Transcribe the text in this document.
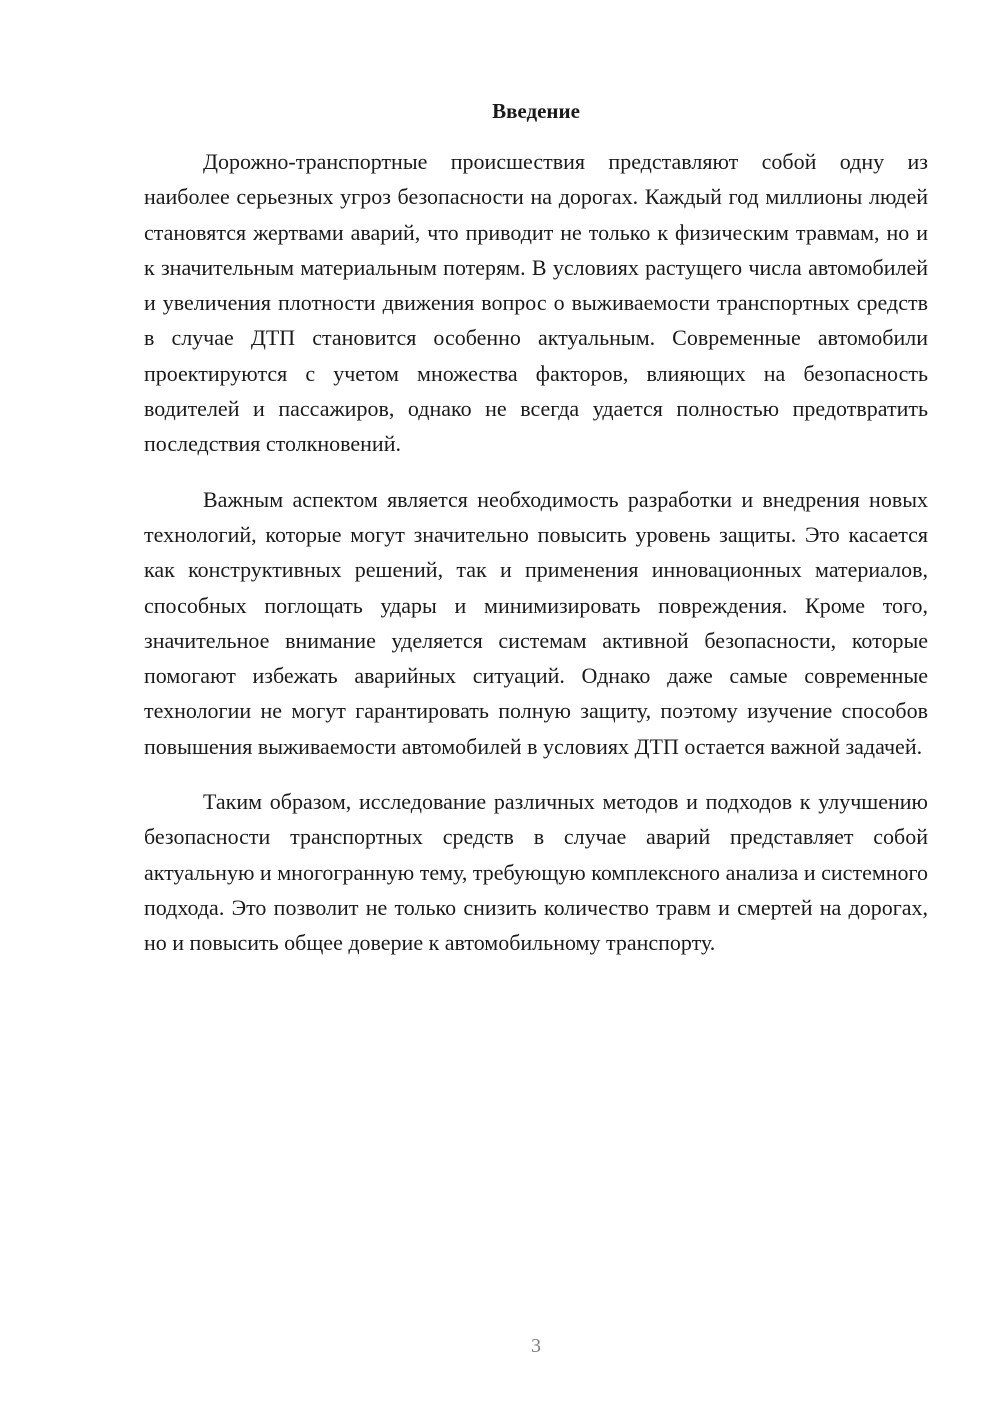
Введение

Дорожно-транспортные происшествия представляют собой одну из наиболее серьезных угроз безопасности на дорогах. Каждый год миллионы людей становятся жертвами аварий, что приводит не только к физическим травмам, но и к значительным материальным потерям. В условиях растущего числа автомобилей и увеличения плотности движения вопрос о выживаемости транспортных средств в случае ДТП становится особенно актуальным. Современные автомобили проектируются с учетом множества факторов, влияющих на безопасность водителей и пассажиров, однако не всегда удается полностью предотвратить последствия столкновений.

Важным аспектом является необходимость разработки и внедрения новых технологий, которые могут значительно повысить уровень защиты. Это касается как конструктивных решений, так и применения инновационных материалов, способных поглощать удары и минимизировать повреждения. Кроме того, значительное внимание уделяется системам активной безопасности, которые помогают избежать аварийных ситуаций. Однако даже самые современные технологии не могут гарантировать полную защиту, поэтому изучение способов повышения выживаемости автомобилей в условиях ДТП остается важной задачей.

Таким образом, исследование различных методов и подходов к улучшению безопасности транспортных средств в случае аварий представляет собой актуальную и многогранную тему, требующую комплексного анализа и системного подхода. Это позволит не только снизить количество травм и смертей на дорогах, но и повысить общее доверие к автомобильному транспорту.

3
